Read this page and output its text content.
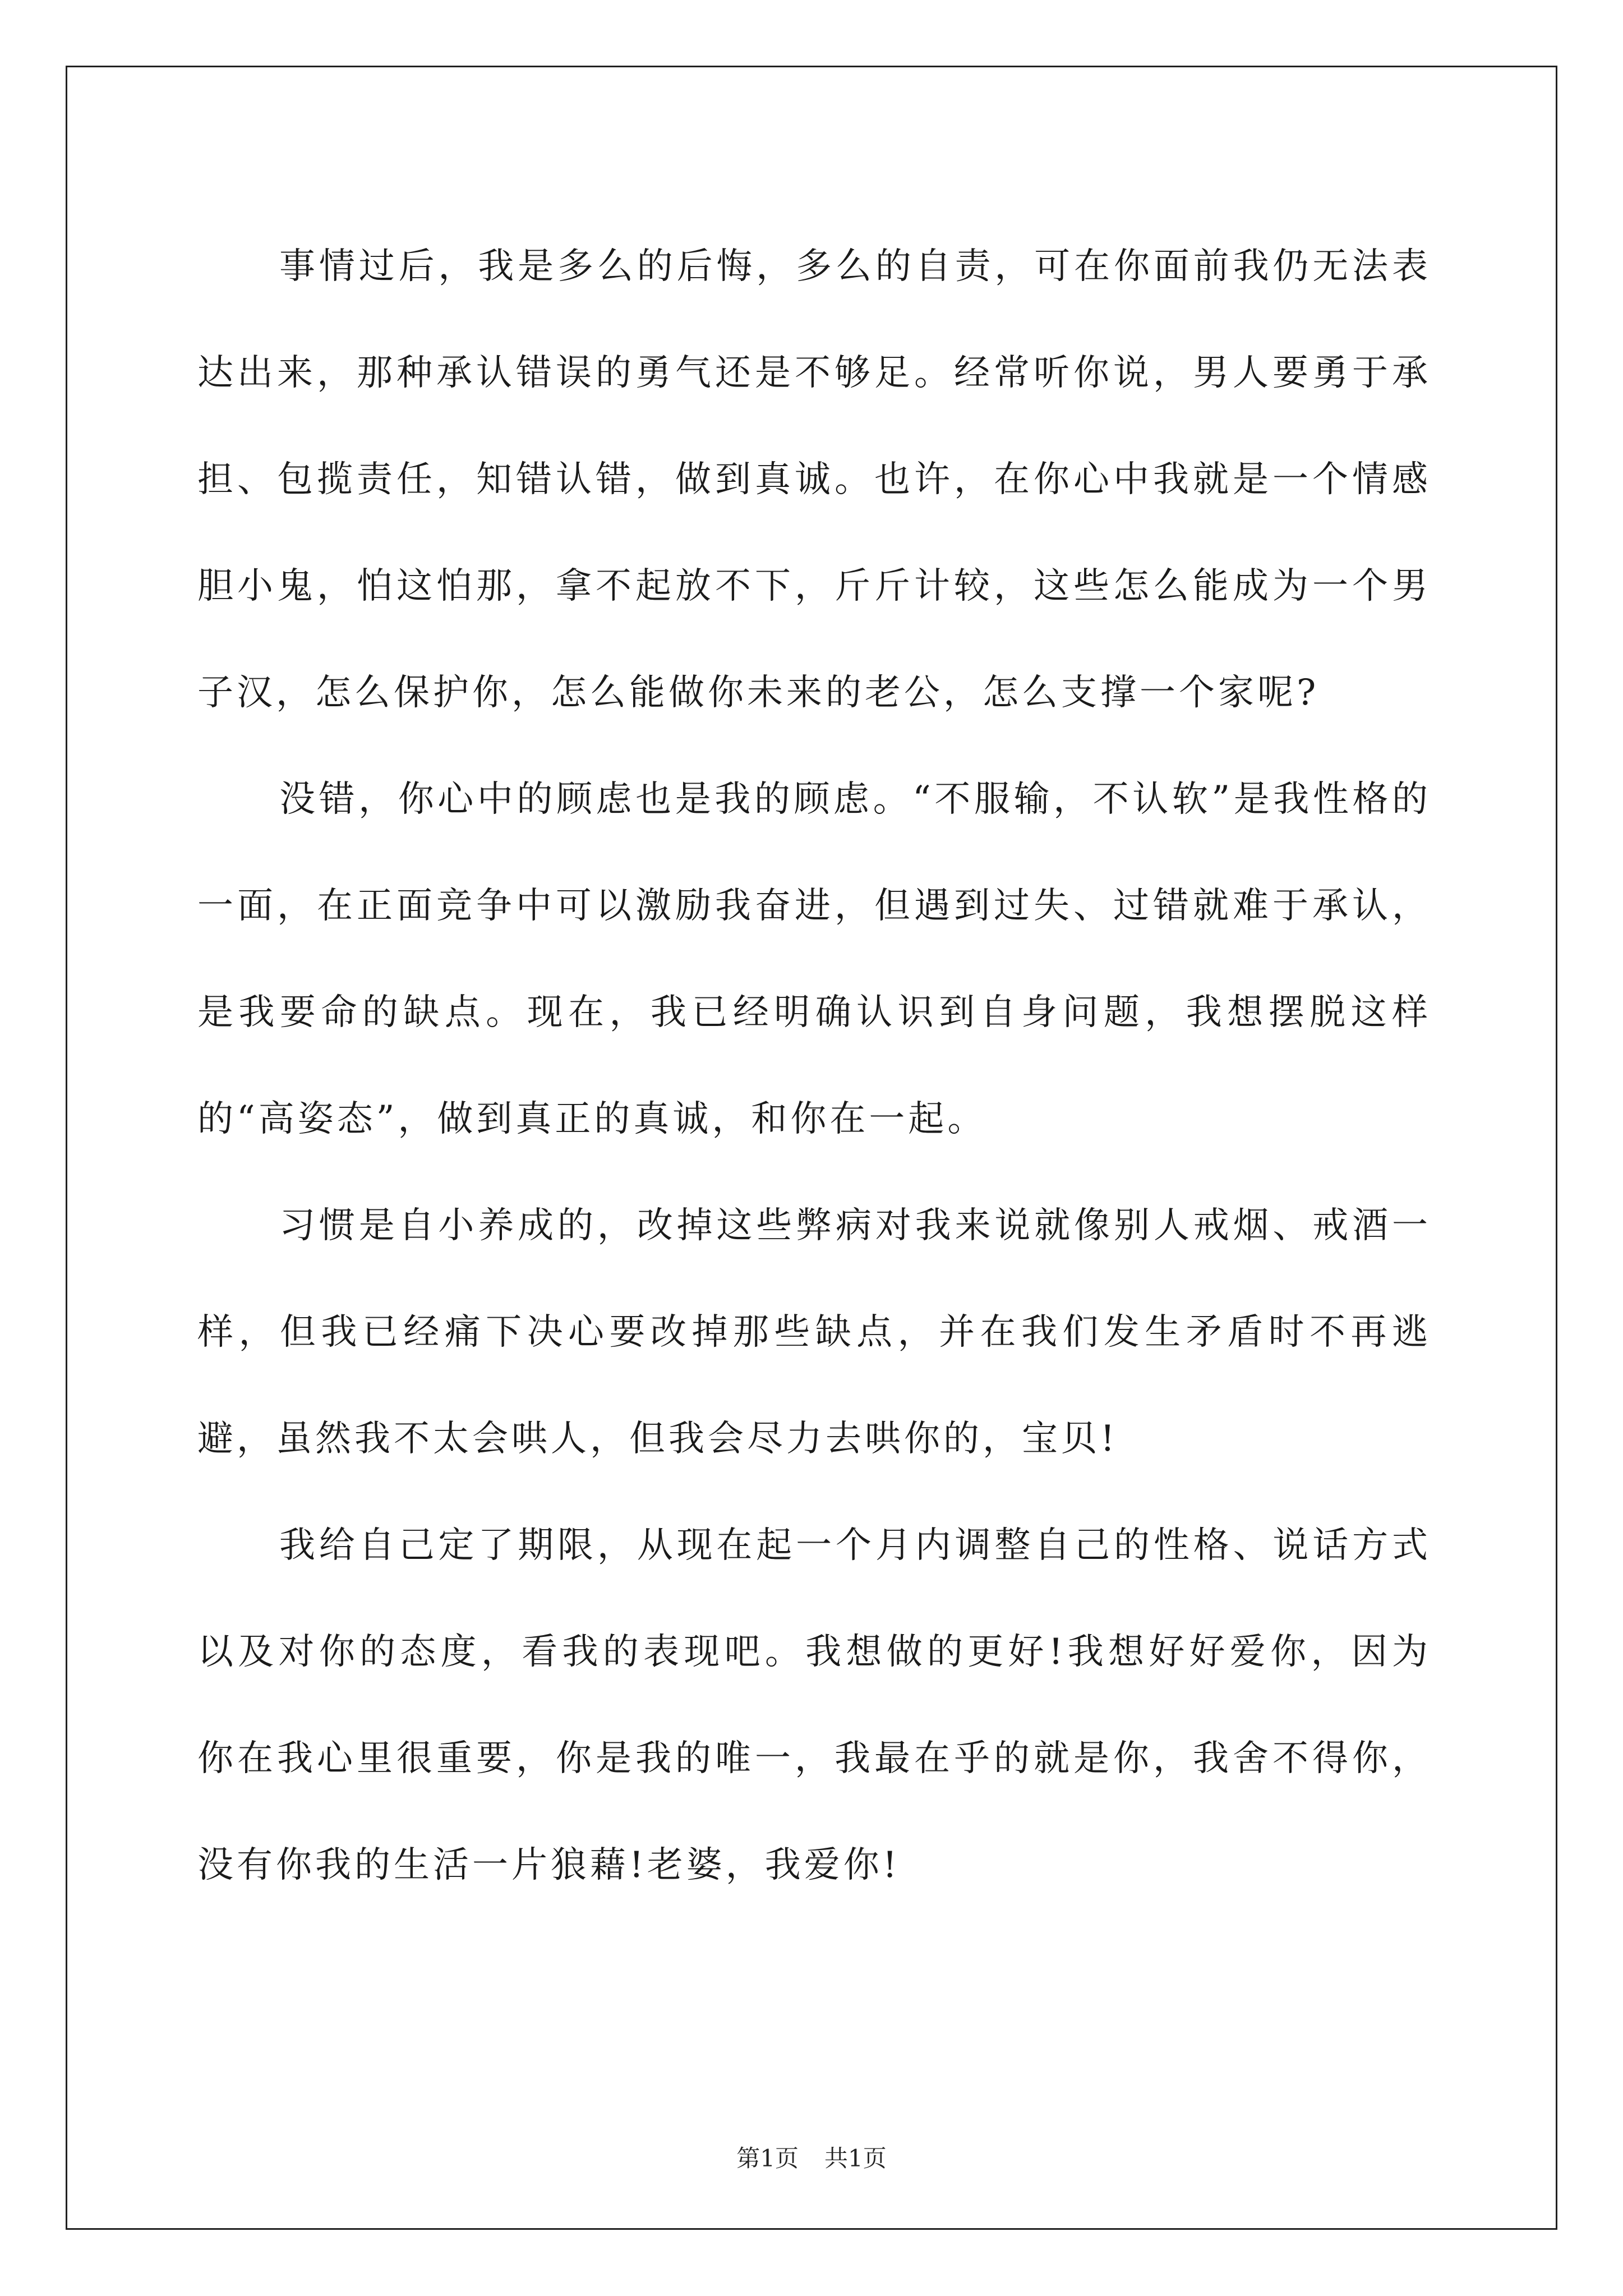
事情过后，我是多么的后悔，多么的自责，可在你面前我仍无法表达出来，那种承认错误的勇气还是不够足。经常听你说，男人要勇于承担、包揽责任，知错认错，做到真诚。也许，在你心中我就是一个情感胆小鬼，怕这怕那，拿不起放不下，斤斤计较，这些怎么能成为一个男子汉，怎么保护你，怎么能做你未来的老公，怎么支撑一个家呢?

没错，你心中的顾虑也是我的顾虑。“不服输，不认软”是我性格的一面，在正面竞争中可以激励我奋进，但遇到过失、过错就难于承认，是我要命的缺点。现在，我已经明确认识到自身问题，我想摆脱这样的“高姿态”，做到真正的真诚，和你在一起。

习惯是自小养成的，改掉这些弊病对我来说就像别人戒烟、戒酒一样，但我已经痛下决心要改掉那些缺点，并在我们发生矛盾时不再逃避，虽然我不太会哄人，但我会尽力去哄你的，宝贝!

我给自己定了期限，从现在起一个月内调整自己的性格、说话方式以及对你的态度，看我的表现吧。我想做的更好!我想好好爱你，因为你在我心里很重要，你是我的唯一，我最在乎的就是你，我舍不得你，没有你我的生活一片狼藉!老婆，我爱你!

第1页 共1页
